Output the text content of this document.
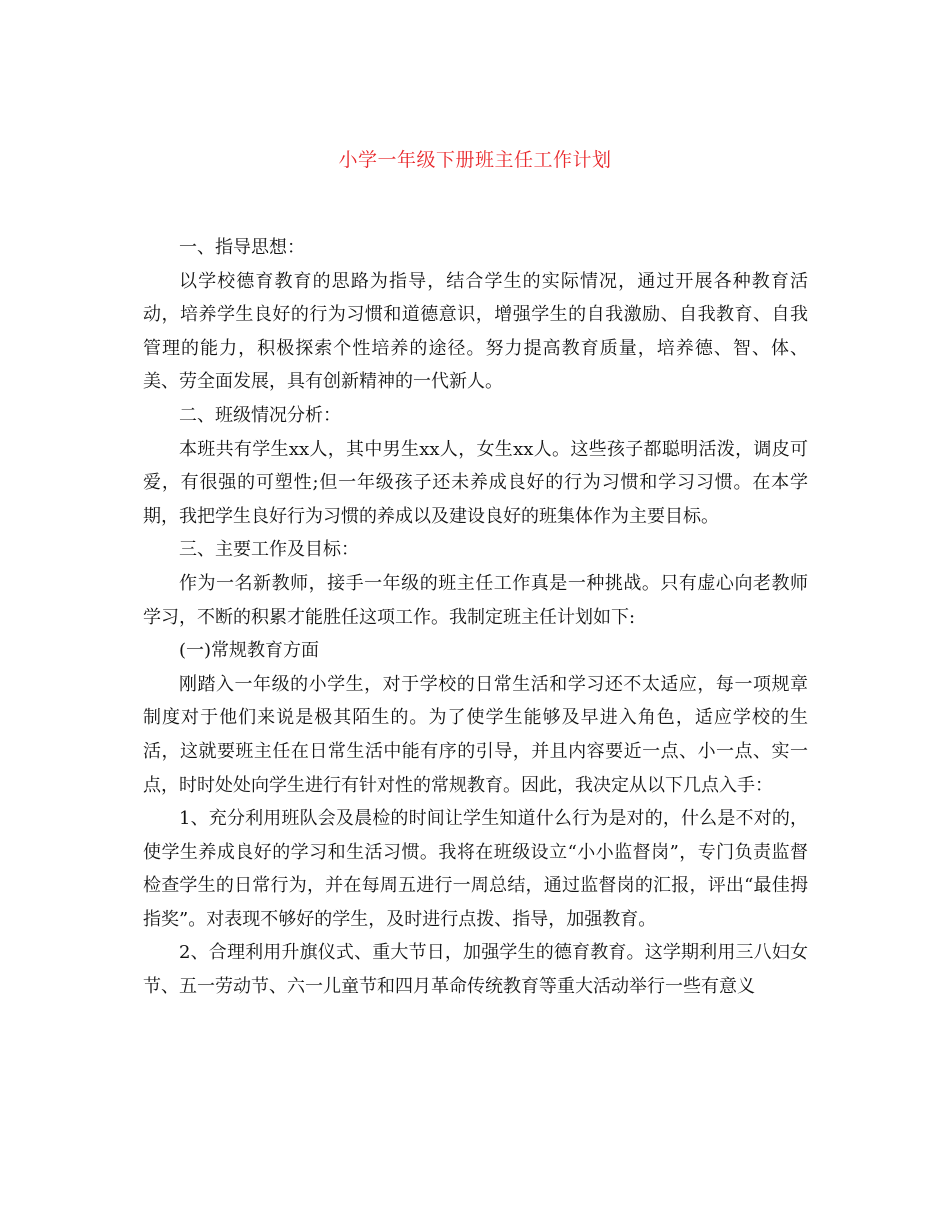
小学一年级下册班主任工作计划

一、指导思想：

以学校德育教育的思路为指导，结合学生的实际情况，通过开展各种教育活动，培养学生良好的行为习惯和道德意识，增强学生的自我激励、自我教育、自我管理的能力，积极探索个性培养的途径。努力提高教育质量，培养德、智、体、美、劳全面发展，具有创新精神的一代新人。

二、班级情况分析：

本班共有学生xx人，其中男生xx人，女生xx人。这些孩子都聪明活泼，调皮可爱，有很强的可塑性;但一年级孩子还未养成良好的行为习惯和学习习惯。在本学期，我把学生良好行为习惯的养成以及建设良好的班集体作为主要目标。

三、主要工作及目标：

作为一名新教师，接手一年级的班主任工作真是一种挑战。只有虚心向老教师学习，不断的积累才能胜任这项工作。我制定班主任计划如下:

(一)常规教育方面

刚踏入一年级的小学生，对于学校的日常生活和学习还不太适应，每一项规章制度对于他们来说是极其陌生的。为了使学生能够及早进入角色，适应学校的生活，这就要班主任在日常生活中能有序的引导，并且内容要近一点、小一点、实一点，时时处处向学生进行有针对性的常规教育。因此，我决定从以下几点入手：

1、充分利用班队会及晨检的时间让学生知道什么行为是对的，什么是不对的，使学生养成良好的学习和生活习惯。我将在班级设立“小小监督岗”，专门负责监督检查学生的日常行为，并在每周五进行一周总结，通过监督岗的汇报，评出“最佳拇指奖”。对表现不够好的学生，及时进行点拨、指导，加强教育。

2、合理利用升旗仪式、重大节日，加强学生的德育教育。这学期利用三八妇女节、五一劳动节、六一儿童节和四月革命传统教育等重大活动举行一些有意义
